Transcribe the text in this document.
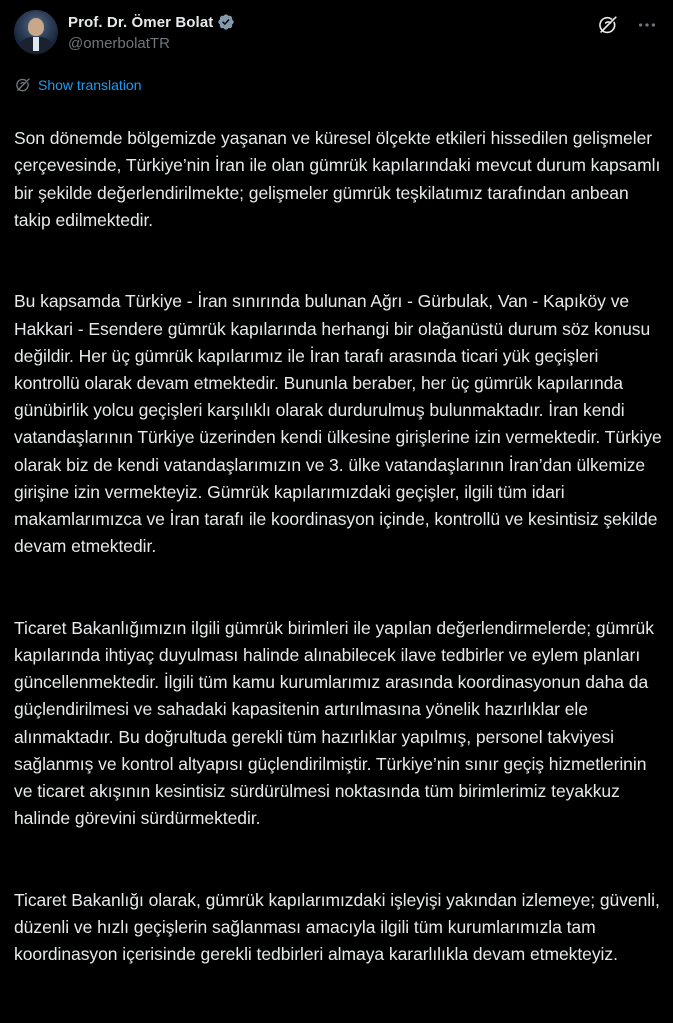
Prof. Dr. Ömer Bolat
@omerbolatTR
Show translation

Son dönemde bölgemizde yaşanan ve küresel ölçekte etkileri hissedilen gelişmeler çerçevesinde, Türkiye’nin İran ile olan gümrük kapılarındaki mevcut durum kapsamlı bir şekilde değerlendirilmekte; gelişmeler gümrük teşkilatımız tarafından anbean takip edilmektedir.

Bu kapsamda Türkiye - İran sınırında bulunan Ağrı - Gürbulak, Van - Kapıköy ve Hakkari - Esendere gümrük kapılarında herhangi bir olağanüstü durum söz konusu değildir. Her üç gümrük kapılarımız ile İran tarafı arasında ticari yük geçişleri kontrollü olarak devam etmektedir. Bununla beraber, her üç gümrük kapılarında günübirlik yolcu geçişleri karşılıklı olarak durdurulmuş bulunmaktadır. İran kendi vatandaşlarının Türkiye üzerinden kendi ülkesine girişlerine izin vermektedir. Türkiye olarak biz de kendi vatandaşlarımızın ve 3. ülke vatandaşlarının İran’dan ülkemize girişine izin vermekteyiz. Gümrük kapılarımızdaki geçişler, ilgili tüm idari makamlarımızca ve İran tarafı ile koordinasyon içinde, kontrollü ve kesintisiz şekilde devam etmektedir.

Ticaret Bakanlığımızın ilgili gümrük birimleri ile yapılan değerlendirmelerde; gümrük kapılarında ihtiyaç duyulması halinde alınabilecek ilave tedbirler ve eylem planları güncellenmektedir. İlgili tüm kamu kurumlarımız arasında koordinasyonun daha da güçlendirilmesi ve sahadaki kapasitenin artırılmasına yönelik hazırlıklar ele alınmaktadır. Bu doğrultuda gerekli tüm hazırlıklar yapılmış, personel takviyesi sağlanmış ve kontrol altyapısı güçlendirilmiştir. Türkiye’nin sınır geçiş hizmetlerinin ve ticaret akışının kesintisiz sürdürülmesi noktasında tüm birimlerimiz teyakkuz halinde görevini sürdürmektedir.

Ticaret Bakanlığı olarak, gümrük kapılarımızdaki işleyişi yakından izlemeye; güvenli, düzenli ve hızlı geçişlerin sağlanması amacıyla ilgili tüm kurumlarımızla tam koordinasyon içerisinde gerekli tedbirleri almaya kararlılıkla devam etmekteyiz.
